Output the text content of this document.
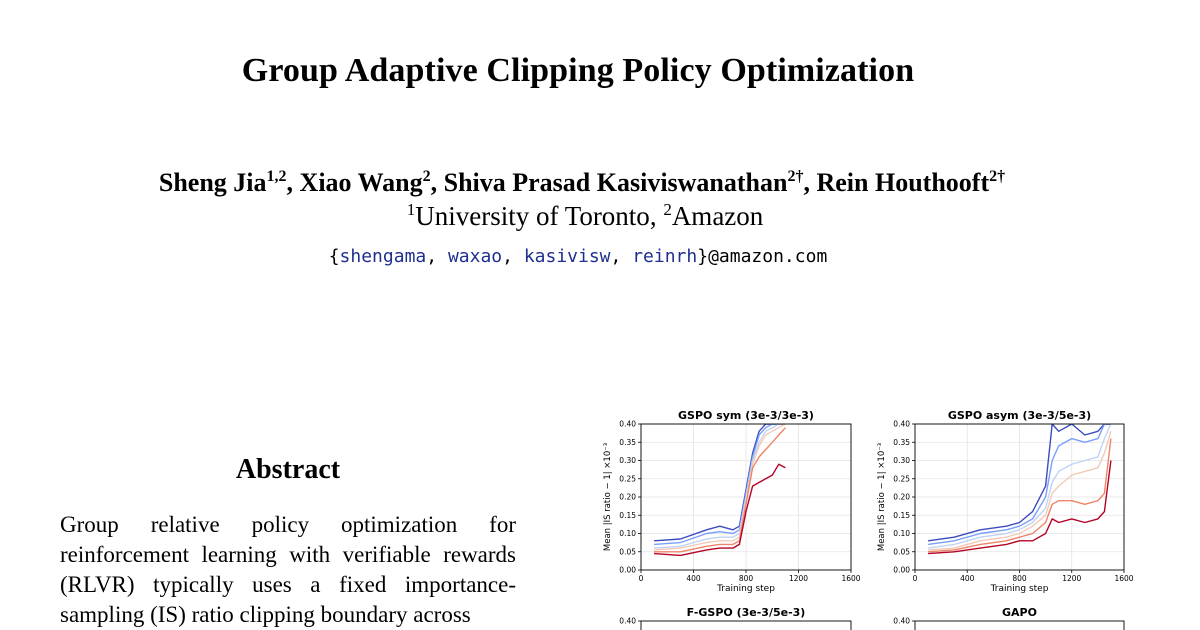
Group Adaptive Clipping Policy Optimization
Sheng Jia$^{1,2}$, Xiao Wang$^2$, Shiva Prasad Kasiviswanathan$^{2\dagger}$, Rein Houthooft$^{2\dagger}$
$^1$University of Toronto, $^2$Amazon
{shengama, waxao, kasivisw, reinrh}@amazon.com
Abstract
Group relative policy optimization for reinforcement learning with verifiable rewards (RLVR) typically uses a fixed importance-sampling (IS) ratio clipping boundary across
GSPO sym (3e-3/3e-3)
0.00
0.05
0.10
0.15
0.20
0.25
0.30
0.35
0.40
0	400	800	1200	1600
Training step
Mean |IS ratio − 1| ×10⁻³
GSPO asym (3e-3/5e-3)
0.00
0.05
0.10
0.15
0.20
0.25
0.30
0.35
0.40
0	400	800	1200	1600
Training step
Mean |IS ratio − 1| ×10⁻³
F-GSPO (3e-3/5e-3)
0.40
GAPO
0.40
